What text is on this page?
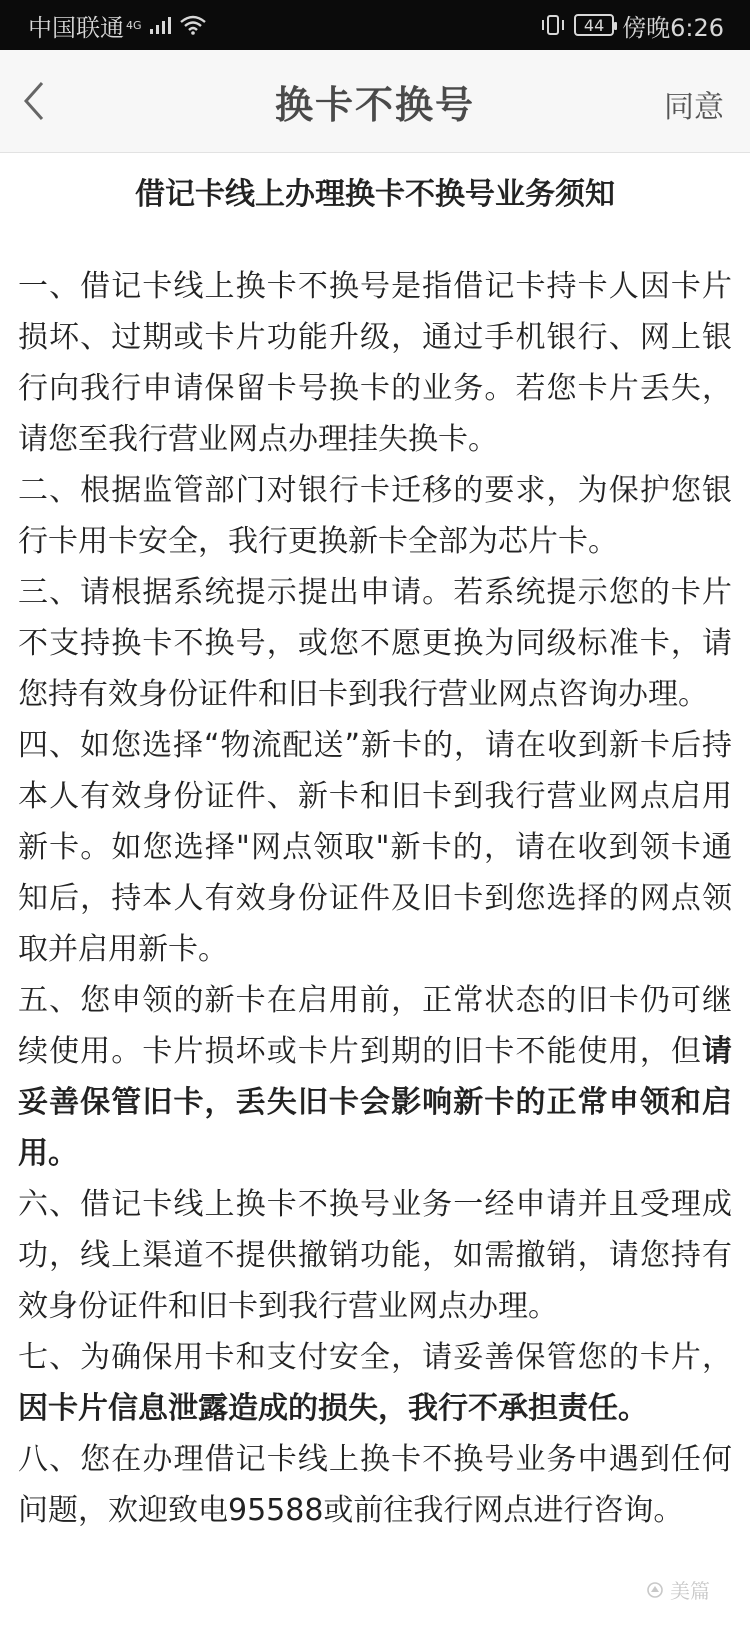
中国联通 4G	44 傍晚6:26
换卡不换号	同意
借记卡线上办理换卡不换号业务须知

一、借记卡线上换卡不换号是指借记卡持卡人因卡片损坏、过期或卡片功能升级，通过手机银行、网上银行向我行申请保留卡号换卡的业务。若您卡片丢失，请您至我行营业网点办理挂失换卡。

二、根据监管部门对银行卡迁移的要求，为保护您银行卡用卡安全，我行更换新卡全部为芯片卡。

三、请根据系统提示提出申请。若系统提示您的卡片不支持换卡不换号，或您不愿更换为同级标准卡，请您持有效身份证件和旧卡到我行营业网点咨询办理。

四、如您选择“物流配送”新卡的，请在收到新卡后持本人有效身份证件、新卡和旧卡到我行营业网点启用新卡。如您选择"网点领取"新卡的，请在收到领卡通知后，持本人有效身份证件及旧卡到您选择的网点领取并启用新卡。

五、您申领的新卡在启用前，正常状态的旧卡仍可继续使用。卡片损坏或卡片到期的旧卡不能使用，但请妥善保管旧卡，丢失旧卡会影响新卡的正常申领和启用。

六、借记卡线上换卡不换号业务一经申请并且受理成功，线上渠道不提供撤销功能，如需撤销，请您持有效身份证件和旧卡到我行营业网点办理。

七、为确保用卡和支付安全，请妥善保管您的卡片，因卡片信息泄露造成的损失，我行不承担责任。

八、您在办理借记卡线上换卡不换号业务中遇到任何问题，欢迎致电95588或前往我行网点进行咨询。

美篇
